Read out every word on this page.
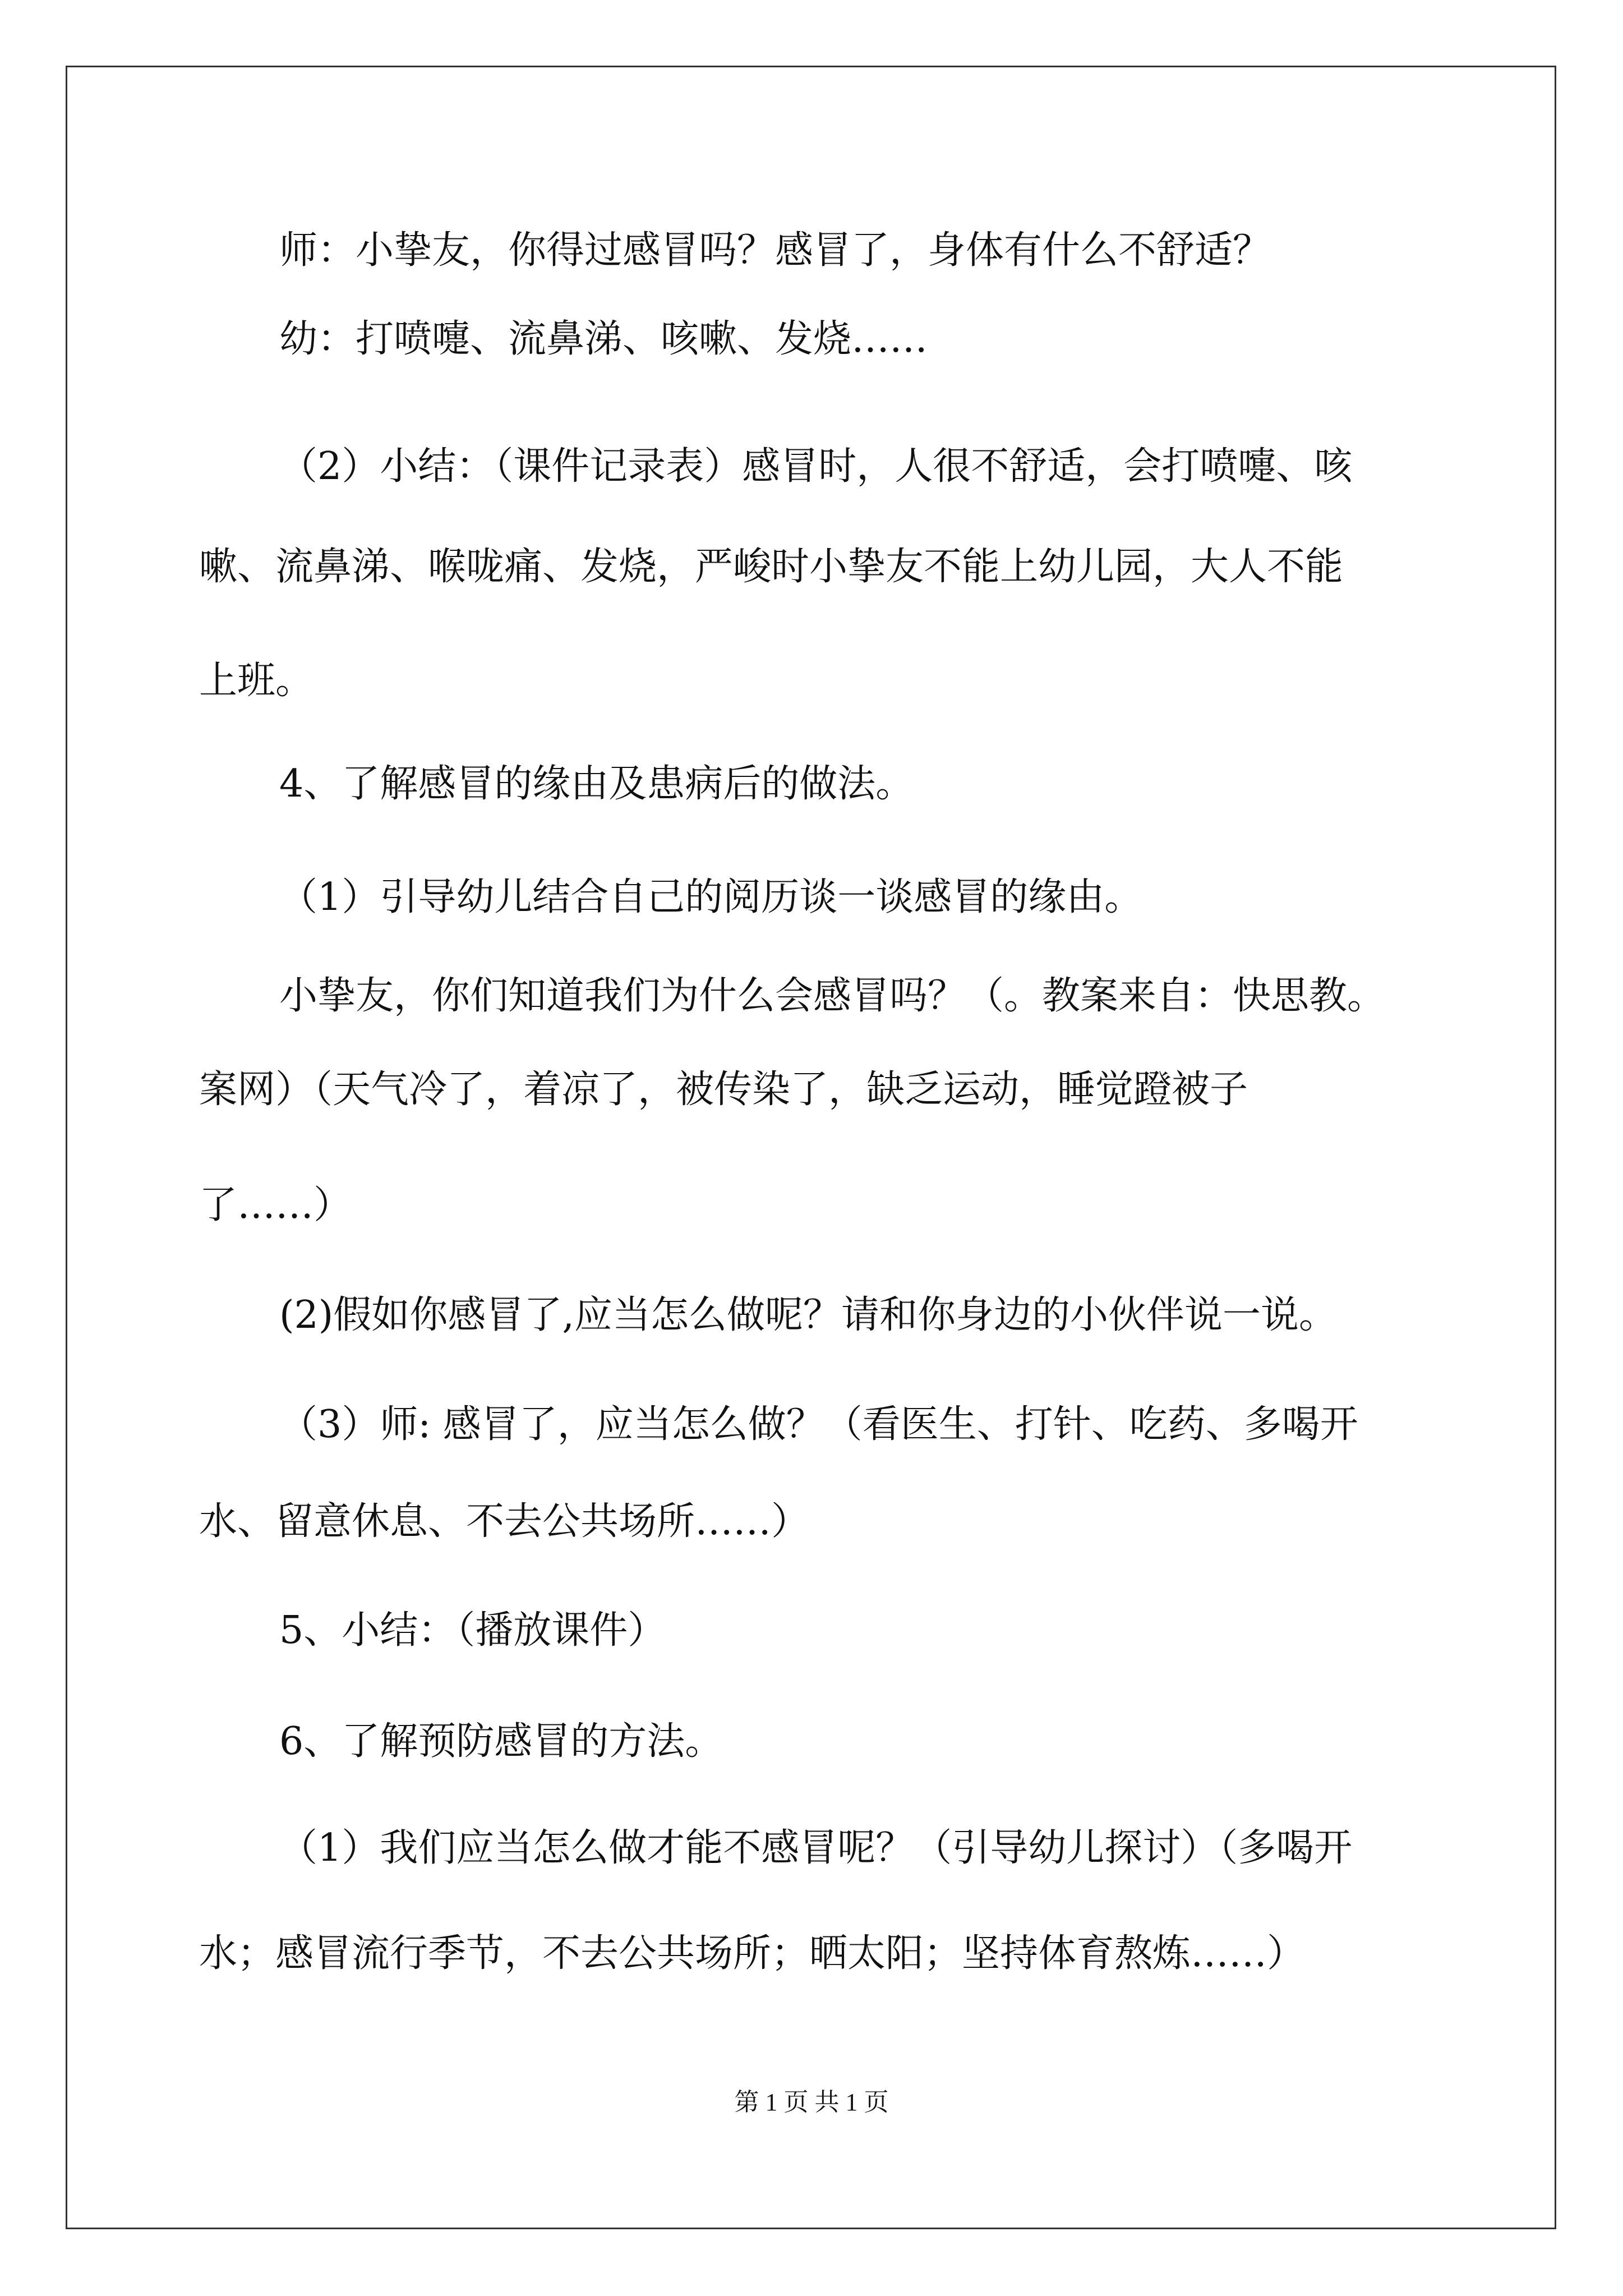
师：小挚友，你得过感冒吗？感冒了，身体有什么不舒适？
幼：打喷嚏、流鼻涕、咳嗽、发烧……
（2）小结：（课件记录表）感冒时，人很不舒适，会打喷嚏、咳
嗽、流鼻涕、喉咙痛、发烧，严峻时小挚友不能上幼儿园，大人不能
上班。
4、了解感冒的缘由及患病后的做法。
（1）引导幼儿结合自己的阅历谈一谈感冒的缘由。
小挚友，你们知道我们为什么会感冒吗？（。教案来自：快思教。
案网）（天气冷了，着凉了，被传染了，缺乏运动，睡觉蹬被子
了……）
(2)假如你感冒了,应当怎么做呢？请和你身边的小伙伴说一说。
（3）师: 感冒了，应当怎么做？（看医生、打针、吃药、多喝开
水、留意休息、不去公共场所……）
5、小结：（播放课件）
6、了解预防感冒的方法。
（1）我们应当怎么做才能不感冒呢？（引导幼儿探讨）（多喝开
水；感冒流行季节，不去公共场所；晒太阳；坚持体育熬炼……）
第 1 页 共 1 页
